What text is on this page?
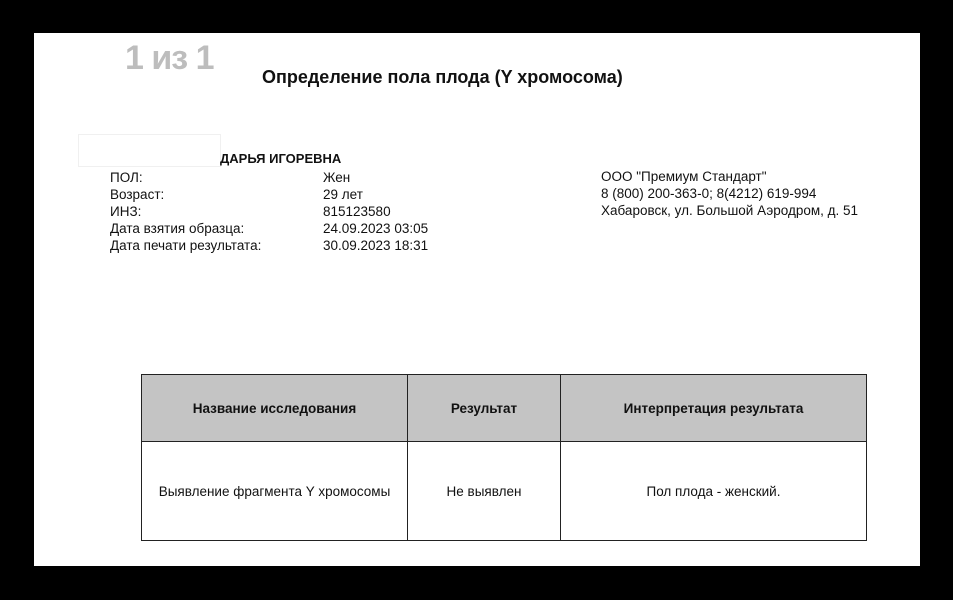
1 из 1	Определение пола плода (Y хромосома)
ДАРЬЯ ИГОРЕВНА
ПОЛ:	Жен
Возраст:	29 лет
ИНЗ:	815123580
Дата взятия образца:	24.09.2023 03:05
Дата печати результата:	30.09.2023 18:31
ООО "Премиум Стандарт"
8 (800) 200-363-0; 8(4212) 619-994
Хабаровск, ул. Большой Аэродром, д. 51
Название исследования	Результат	Интерпретация результата
Выявление фрагмента Y хромосомы	Не выявлен	Пол плода - женский.
